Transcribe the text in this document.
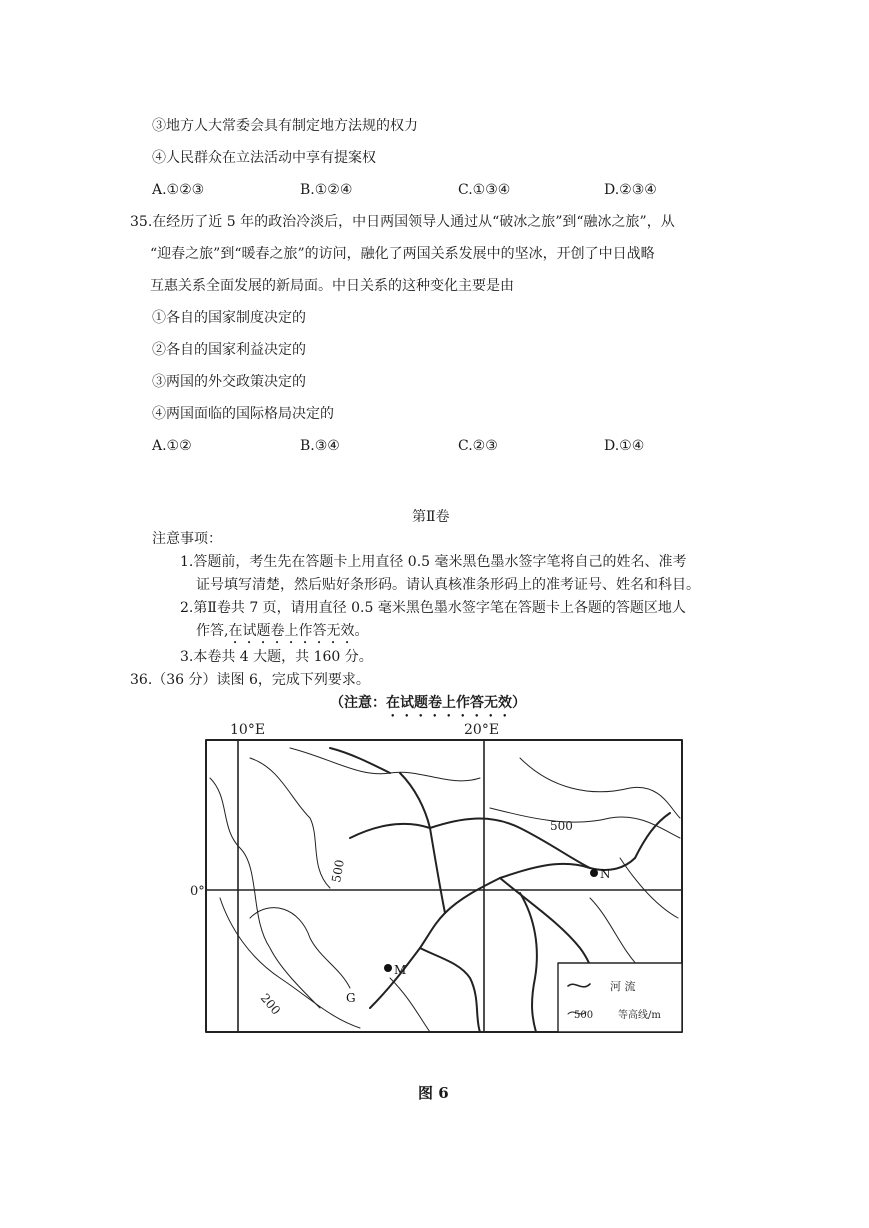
③地方人大常委会具有制定地方法规的权力
④人民群众在立法活动中享有提案权
A.①②③	B.①②④	C.①③④	D.②③④
35.在经历了近 5 年的政治冷淡后，中日两国领导人通过从“破冰之旅”到“融冰之旅”，从
“迎春之旅”到“暖春之旅”的访问，融化了两国关系发展中的坚冰，开创了中日战略
互惠关系全面发展的新局面。中日关系的这种变化主要是由
①各自的国家制度决定的
②各自的国家利益决定的
③两国的外交政策决定的
④两国面临的国际格局决定的
A.①②	B.③④	C.②③	D.①④
第Ⅱ卷
注意事项：
1.答题前，考生先在答题卡上用直径 0.5 毫米黑色墨水签字笔将自己的姓名、准考
证号填写清楚，然后贴好条形码。请认真核准条形码上的准考证号、姓名和科目。
2.第Ⅱ卷共 7 页，请用直径 0.5 毫米黑色墨水签字笔在答题卡上各题的答题区地人
作答,在试题卷上作答无效。
3.本卷共 4 大题，共 160 分。
36.（36 分）读图 6，完成下列要求。
（注意：在试题卷上作答无效）
10°E	20°E
0°
500
500
200
M
N
G
河 流
500 等高线/m
图 6
